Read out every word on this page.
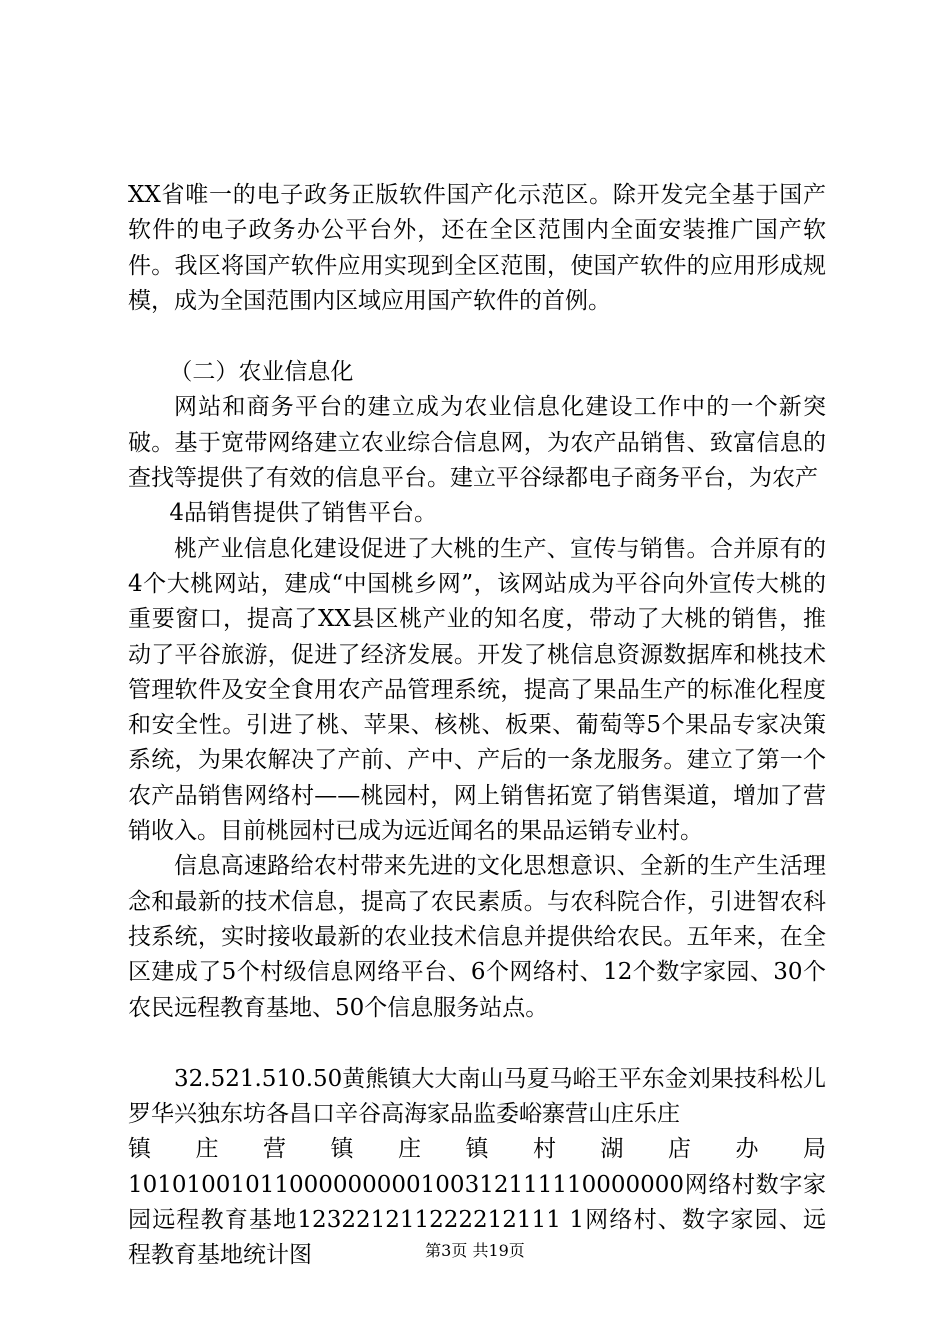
XX省唯一的电子政务正版软件国产化示范区。除开发完全基于国产软件的电子政务办公平台外，还在全区范围内全面安装推广国产软件。我区将国产软件应用实现到全区范围，使国产软件的应用形成规模，成为全国范围内区域应用国产软件的首例。

（二）农业信息化

网站和商务平台的建立成为农业信息化建设工作中的一个新突破。基于宽带网络建立农业综合信息网，为农产品销售、致富信息的查找等提供了有效的信息平台。建立平谷绿都电子商务平台，为农产

4品销售提供了销售平台。

桃产业信息化建设促进了大桃的生产、宣传与销售。合并原有的4个大桃网站，建成“中国桃乡网”，该网站成为平谷向外宣传大桃的重要窗口，提高了XX县区桃产业的知名度，带动了大桃的销售，推动了平谷旅游，促进了经济发展。开发了桃信息资源数据库和桃技术管理软件及安全食用农产品管理系统，提高了果品生产的标准化程度和安全性。引进了桃、苹果、核桃、板栗、葡萄等5个果品专家决策系统，为果农解决了产前、产中、产后的一条龙服务。建立了第一个农产品销售网络村——桃园村，网上销售拓宽了销售渠道，增加了营销收入。目前桃园村已成为远近闻名的果品运销专业村。

信息高速路给农村带来先进的文化思想意识、全新的生产生活理念和最新的技术信息，提高了农民素质。与农科院合作，引进智农科技系统，实时接收最新的农业技术信息并提供给农民。五年来，在全区建成了5个村级信息网络平台、6个网络村、12个数字家园、30个农民远程教育基地、50个信息服务站点。

32.521.510.50黄熊镇大大南山马夏马峪王平东金刘果技科松儿罗华兴独东坊各昌口辛谷高海家品监委峪寨营山庄乐庄

镇 庄 营 镇 庄 镇 村 湖 店 办 局

10101001011000000000100312111110000000网络村数字家园远程教育基地123221211222212111 1网络村、数字家园、远程教育基地统计图	第3页 共19页
